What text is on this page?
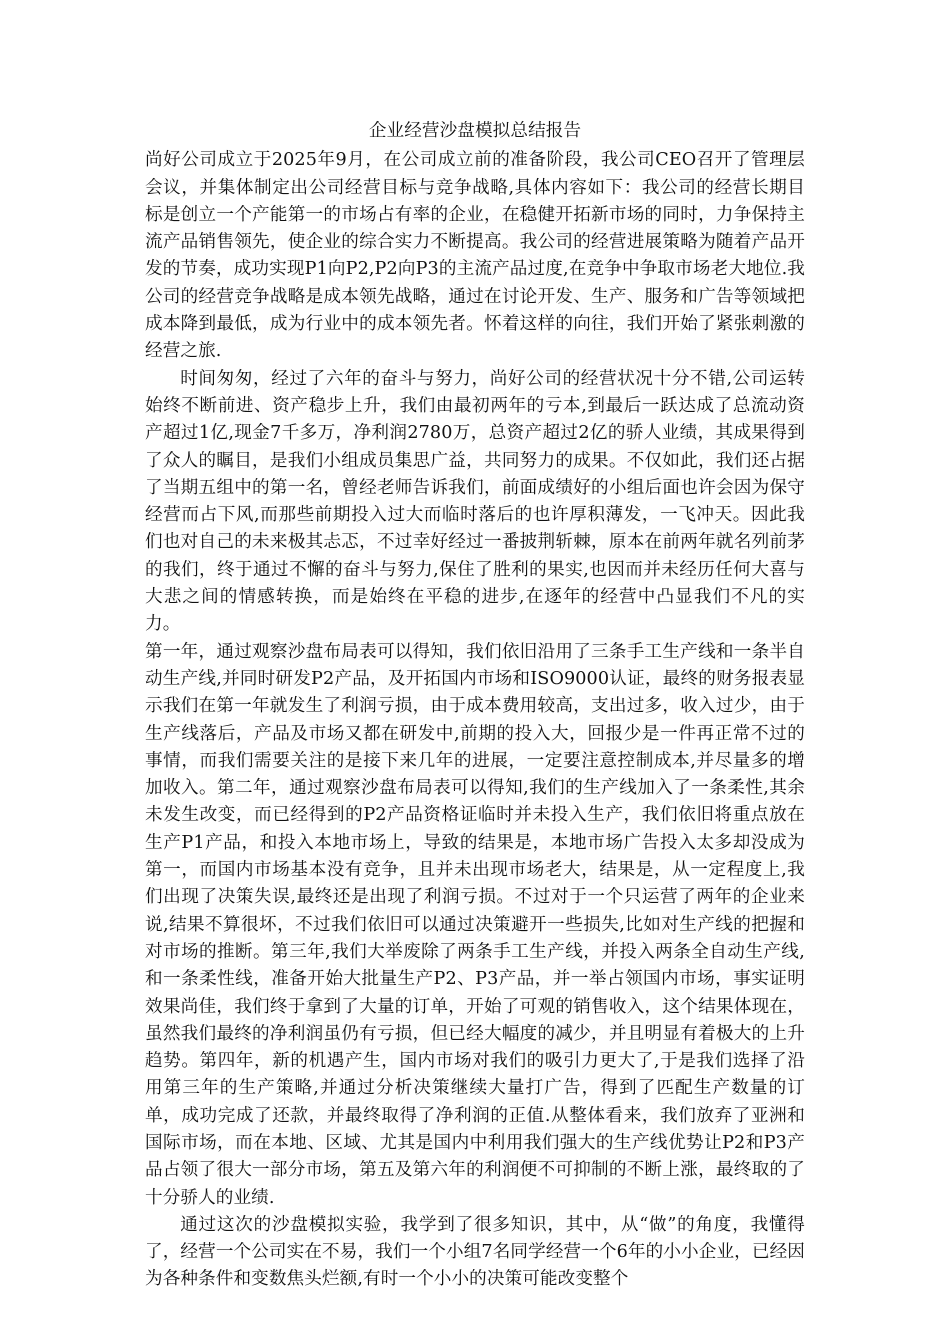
企业经营沙盘模拟总结报告

尚好公司成立于2025年9月，在公司成立前的准备阶段，我公司CEO召开了管理层会议，并集体制定出公司经营目标与竞争战略,具体内容如下：我公司的经营长期目标是创立一个产能第一的市场占有率的企业，在稳健开拓新市场的同时，力争保持主流产品销售领先，使企业的综合实力不断提高。我公司的经营进展策略为随着产品开发的节奏，成功实现P1向P2,P2向P3的主流产品过度,在竞争中争取市场老大地位.我公司的经营竞争战略是成本领先战略，通过在讨论开发、生产、服务和广告等领域把成本降到最低，成为行业中的成本领先者。怀着这样的向往，我们开始了紧张刺激的经营之旅.

时间匆匆，经过了六年的奋斗与努力，尚好公司的经营状况十分不错,公司运转始终不断前进、资产稳步上升，我们由最初两年的亏本,到最后一跃达成了总流动资产超过1亿,现金7千多万，净利润2780万，总资产超过2亿的骄人业绩，其成果得到了众人的瞩目，是我们小组成员集思广益，共同努力的成果。不仅如此，我们还占据了当期五组中的第一名，曾经老师告诉我们，前面成绩好的小组后面也许会因为保守经营而占下风,而那些前期投入过大而临时落后的也许厚积薄发，一飞冲天。因此我们也对自己的未来极其忐忑，不过幸好经过一番披荆斩棘，原本在前两年就名列前茅的我们，终于通过不懈的奋斗与努力,保住了胜利的果实,也因而并未经历任何大喜与大悲之间的情感转换，而是始终在平稳的进步,在逐年的经营中凸显我们不凡的实力。

第一年，通过观察沙盘布局表可以得知，我们依旧沿用了三条手工生产线和一条半自动生产线,并同时研发P2产品，及开拓国内市场和ISO9000认证，最终的财务报表显示我们在第一年就发生了利润亏损，由于成本费用较高，支出过多，收入过少，由于生产线落后，产品及市场又都在研发中,前期的投入大，回报少是一件再正常不过的事情，而我们需要关注的是接下来几年的进展，一定要注意控制成本,并尽量多的增加收入。第二年，通过观察沙盘布局表可以得知,我们的生产线加入了一条柔性,其余未发生改变，而已经得到的P2产品资格证临时并未投入生产，我们依旧将重点放在生产P1产品，和投入本地市场上，导致的结果是，本地市场广告投入太多却没成为第一，而国内市场基本没有竞争，且并未出现市场老大，结果是，从一定程度上,我们出现了决策失误,最终还是出现了利润亏损。不过对于一个只运营了两年的企业来说,结果不算很坏，不过我们依旧可以通过决策避开一些损失,比如对生产线的把握和对市场的推断。第三年,我们大举废除了两条手工生产线，并投入两条全自动生产线,和一条柔性线，准备开始大批量生产P2、P3产品，并一举占领国内市场，事实证明效果尚佳，我们终于拿到了大量的订单，开始了可观的销售收入，这个结果体现在，虽然我们最终的净利润虽仍有亏损，但已经大幅度的减少，并且明显有着极大的上升趋势。第四年，新的机遇产生，国内市场对我们的吸引力更大了,于是我们选择了沿用第三年的生产策略,并通过分析决策继续大量打广告，得到了匹配生产数量的订单，成功完成了还款，并最终取得了净利润的正值.从整体看来，我们放弃了亚洲和国际市场，而在本地、区域、尤其是国内中利用我们强大的生产线优势让P2和P3产品占领了很大一部分市场，第五及第六年的利润便不可抑制的不断上涨，最终取的了十分骄人的业绩.

通过这次的沙盘模拟实验，我学到了很多知识，其中，从“做”的角度，我懂得了，经营一个公司实在不易，我们一个小组7名同学经营一个6年的小小企业，已经因为各种条件和变数焦头烂额,有时一个小小的决策可能改变整个
